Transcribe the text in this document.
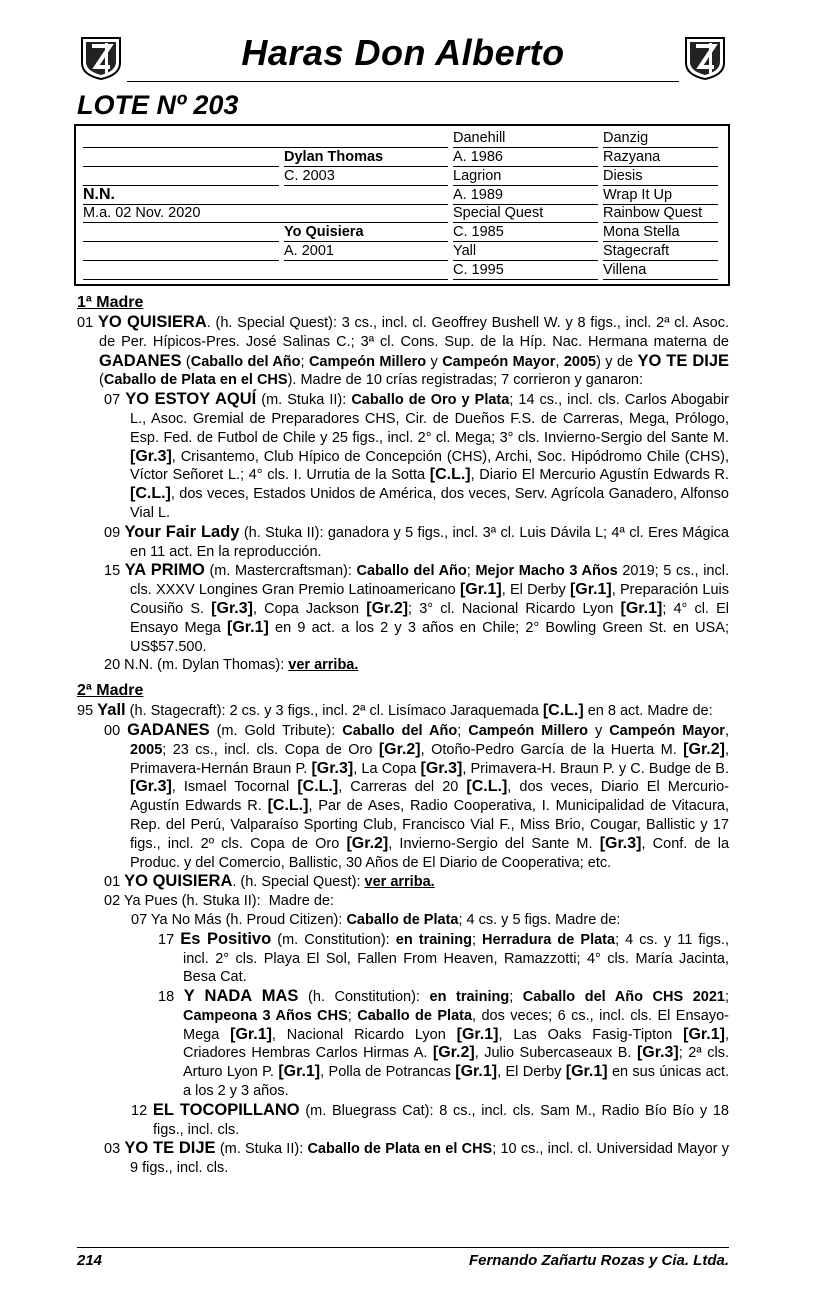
Haras Don Alberto
LOTE Nº 203
Danzig
Razyana
Diesis
Wrap It Up
Rainbow Quest
Mona Stella
Stagecraft
Villena
Danehill
A. 1986
Lagrion
A. 1989
Special Quest
C. 1985
Yall
C. 1995
Dylan Thomas
C. 2003
Yo Quisiera
A. 2001
N.N.
M.a. 02 Nov. 2020
1ª Madre
01 YO QUISIERA. (h. Special Quest): 3 cs., incl. cl. Geoffrey Bushell W. y 8 figs., incl. 2ª cl. Asoc. de Per. Hípicos-Pres. José Salinas C.; 3ª cl. Cons. Sup. de la Híp. Nac. Hermana materna de GADANES (Caballo del Año; Campeón Millero y Campeón Mayor, 2005) y de YO TE DIJE (Caballo de Plata en el CHS). Madre de 10 crías registradas; 7 corrieron y ganaron:
07 YO ESTOY AQUÍ (m. Stuka II): Caballo de Oro y Plata; 14 cs., incl. cls. Carlos Abogabir L., Asoc. Gremial de Preparadores CHS, Cir. de Dueños F.S. de Carreras, Mega, Prólogo, Esp. Fed. de Futbol de Chile y 25 figs., incl. 2° cl. Mega; 3° cls. Invierno-Sergio del Sante M. [Gr.3], Crisantemo, Club Hípico de Concepción (CHS), Archi, Soc. Hipódromo Chile (CHS), Víctor Señoret L.; 4° cls. I. Urrutia de la Sotta [C.L.], Diario El Mercurio Agustín Edwards R. [C.L.], dos veces, Estados Unidos de América, dos veces, Serv. Agrícola Ganadero, Alfonso Vial L.
09 Your Fair Lady (h. Stuka II): ganadora y 5 figs., incl. 3ª cl. Luis Dávila L; 4ª cl. Eres Mágica en 11 act. En la reproducción.
15 YA PRIMO (m. Mastercraftsman): Caballo del Año; Mejor Macho 3 Años 2019; 5 cs., incl. cls. XXXV Longines Gran Premio Latinoamericano [Gr.1], El Derby [Gr.1], Preparación Luis Cousiño S. [Gr.3], Copa Jackson [Gr.2]; 3° cl. Nacional Ricardo Lyon [Gr.1]; 4° cl. El Ensayo Mega [Gr.1] en 9 act. a los 2 y 3 años en Chile; 2° Bowling Green St. en USA; US$57.500.
20 N.N. (m. Dylan Thomas): ver arriba.
2ª Madre
95 Yall (h. Stagecraft): 2 cs. y 3 figs., incl. 2ª cl. Lisímaco Jaraquemada [C.L.] en 8 act. Madre de:
00 GADANES (m. Gold Tribute): Caballo del Año; Campeón Millero y Campeón Mayor, 2005; 23 cs., incl. cls. Copa de Oro [Gr.2], Otoño-Pedro García de la Huerta M. [Gr.2], Primavera-Hernán Braun P. [Gr.3], La Copa [Gr.3], Primavera-H. Braun P. y C. Budge de B. [Gr.3], Ismael Tocornal [C.L.], Carreras del 20 [C.L.], dos veces, Diario El Mercurio-Agustín Edwards R. [C.L.], Par de Ases, Radio Cooperativa, I. Municipalidad de Vitacura, Rep. del Perú, Valparaíso Sporting Club, Francisco Vial F., Miss Brio, Cougar, Ballistic y 17 figs., incl. 2º cls. Copa de Oro [Gr.2], Invierno-Sergio del Sante M. [Gr.3], Conf. de la Produc. y del Comercio, Ballistic, 30 Años de El Diario de Cooperativa; etc.
01 YO QUISIERA. (h. Special Quest): ver arriba.
02 Ya Pues (h. Stuka II):  Madre de:
07 Ya No Más (h. Proud Citizen): Caballo de Plata; 4 cs. y 5 figs. Madre de:
17 Es Positivo (m. Constitution): en training; Herradura de Plata; 4 cs. y 11 figs., incl. 2° cls. Playa El Sol, Fallen From Heaven, Ramazzotti; 4° cls. María Jacinta, Besa Cat.
18 Y NADA MAS (h. Constitution): en training; Caballo del Año CHS 2021; Campeona 3 Años CHS; Caballo de Plata, dos veces; 6 cs., incl. cls. El Ensayo-Mega [Gr.1], Nacional Ricardo Lyon [Gr.1], Las Oaks Fasig-Tipton [Gr.1], Criadores Hembras Carlos Hirmas A. [Gr.2], Julio Subercaseaux B. [Gr.3]; 2ª cls. Arturo Lyon P. [Gr.1], Polla de Potrancas [Gr.1], El Derby [Gr.1] en sus únicas act. a los 2 y 3 años.
12 EL TOCOPILLANO (m. Bluegrass Cat): 8 cs., incl. cls. Sam M., Radio Bío Bío y 18 figs., incl. cls.
03 YO TE DIJE (m. Stuka II): Caballo de Plata en el CHS; 10 cs., incl. cl. Universidad Mayor y 9 figs., incl. cls.
214	Fernando Zañartu Rozas y Cia. Ltda.
